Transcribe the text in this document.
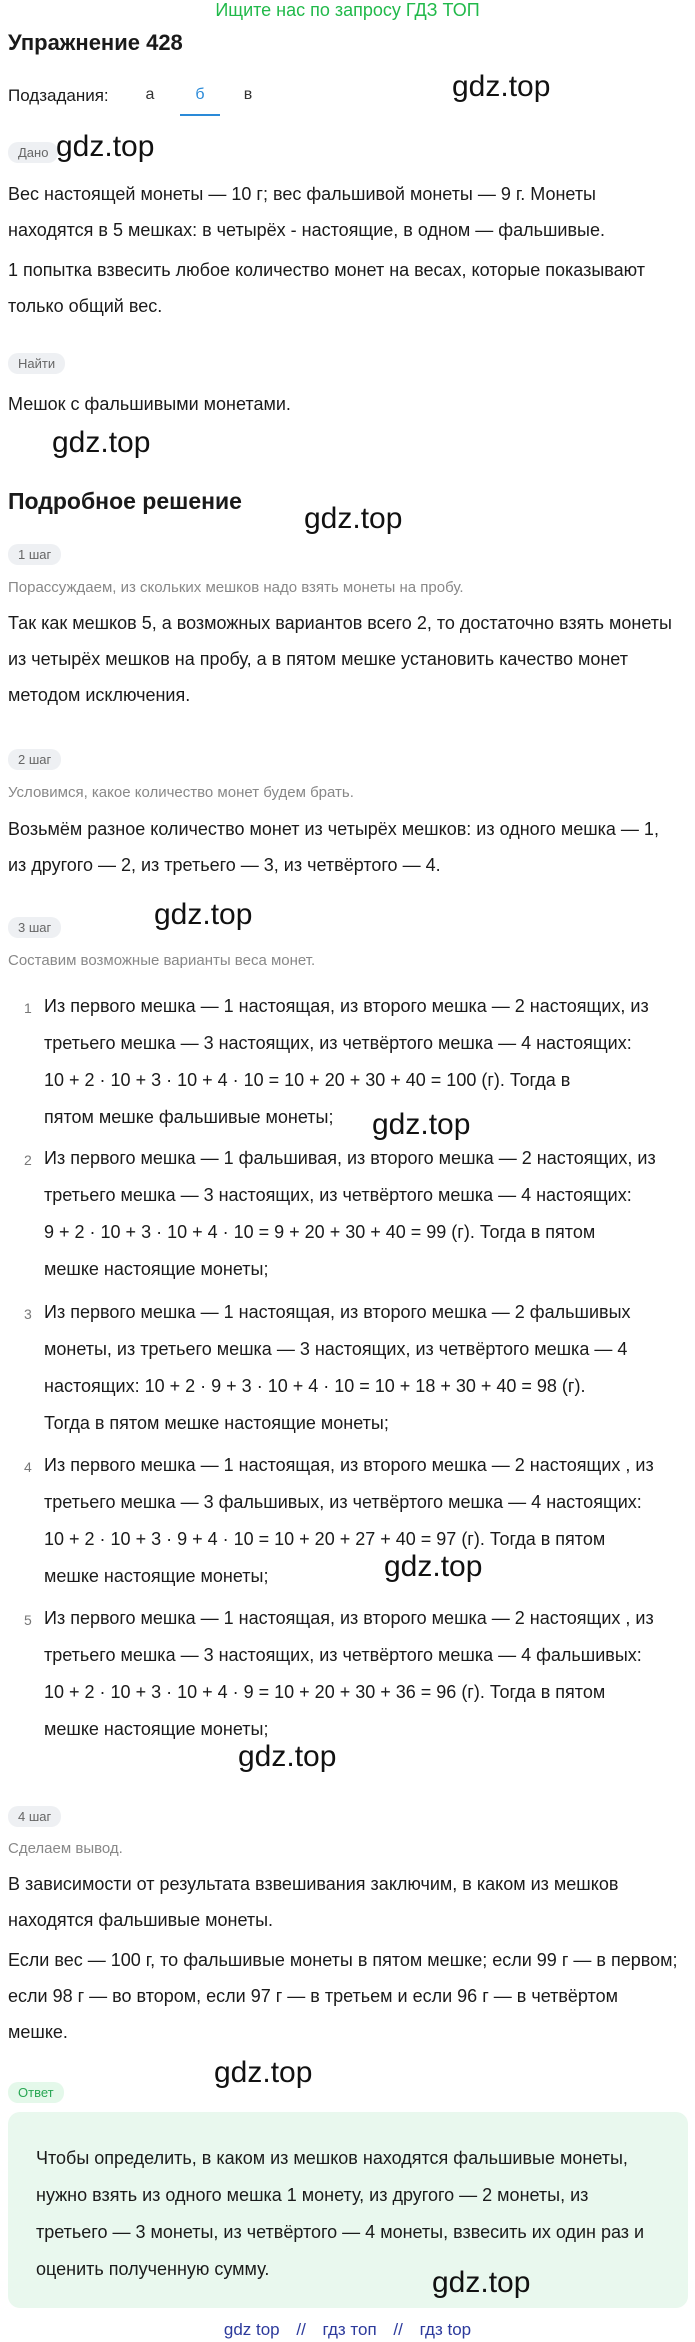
Ищите нас по запросу ГДЗ ТОП
Упражнение 428
Подзадания:	а	б	в
Дано
Вес настоящей монеты — 10 г; вес фальшивой монеты — 9 г. Монеты
находятся в 5 мешках: в четырёх - настоящие, в одном — фальшивые.
1 попытка взвесить любое количество монет на весах, которые показывают
только общий вес.
Найти
Мешок с фальшивыми монетами.
Подробное решение
1 шаг
Порассуждаем, из скольких мешков надо взять монеты на пробу.
Так как мешков 5, а возможных вариантов всего 2, то достаточно взять монеты
из четырёх мешков на пробу, а в пятом мешке установить качество монет
методом исключения.
2 шаг
Условимся, какое количество монет будем брать.
Возьмём разное количество монет из четырёх мешков: из одного мешка — 1,
из другого — 2, из третьего — 3, из четвёртого — 4.
3 шаг
Составим возможные варианты веса монет.
1 Из первого мешка — 1 настоящая, из второго мешка — 2 настоящих, из
третьего мешка — 3 настоящих, из четвёртого мешка — 4 настоящих:
10 + 2 · 10 + 3 · 10 + 4 · 10 = 10 + 20 + 30 + 40 = 100 (г). Тогда в
пятом мешке фальшивые монеты;
2 Из первого мешка — 1 фальшивая, из второго мешка — 2 настоящих, из
третьего мешка — 3 настоящих, из четвёртого мешка — 4 настоящих:
9 + 2 · 10 + 3 · 10 + 4 · 10 = 9 + 20 + 30 + 40 = 99 (г). Тогда в пятом
мешке настоящие монеты;
3 Из первого мешка — 1 настоящая, из второго мешка — 2 фальшивых
монеты, из третьего мешка — 3 настоящих, из четвёртого мешка — 4
настоящих: 10 + 2 · 9 + 3 · 10 + 4 · 10 = 10 + 18 + 30 + 40 = 98 (г).
Тогда в пятом мешке настоящие монеты;
4 Из первого мешка — 1 настоящая, из второго мешка — 2 настоящих , из
третьего мешка — 3 фальшивых, из четвёртого мешка — 4 настоящих:
10 + 2 · 10 + 3 · 9 + 4 · 10 = 10 + 20 + 27 + 40 = 97 (г). Тогда в пятом
мешке настоящие монеты;
5 Из первого мешка — 1 настоящая, из второго мешка — 2 настоящих , из
третьего мешка — 3 настоящих, из четвёртого мешка — 4 фальшивых:
10 + 2 · 10 + 3 · 10 + 4 · 9 = 10 + 20 + 30 + 36 = 96 (г). Тогда в пятом
мешке настоящие монеты;
4 шаг
Сделаем вывод.
В зависимости от результата взвешивания заключим, в каком из мешков
находятся фальшивые монеты.
Если вес — 100 г, то фальшивые монеты в пятом мешке; если 99 г — в первом;
если 98 г — во втором, если 97 г — в третьем и если 96 г — в четвёртом
мешке.
Ответ
Чтобы определить, в каком из мешков находятся фальшивые монеты,
нужно взять из одного мешка 1 монету, из другого — 2 монеты, из
третьего — 3 монеты, из четвёртого — 4 монеты, взвесить их один раз и
оценить полученную сумму.
gdz.top
gdz.top
gdz.top
gdz.top
gdz.top
gdz.top
gdz.top
gdz.top
gdz.top
gdz.top
gdz top // гдз топ // гдз top
